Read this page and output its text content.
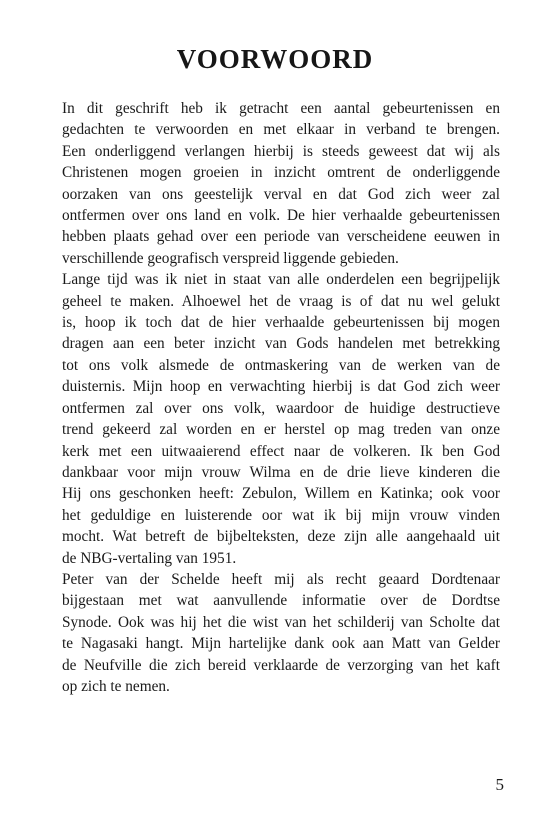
VOORWOORD

In dit geschrift heb ik getracht een aantal gebeurtenissen en
gedachten te verwoorden en met elkaar in verband te brengen.
Een onderliggend verlangen hierbij is steeds geweest dat wij als
Christenen mogen groeien in inzicht omtrent de onderliggende
oorzaken van ons geestelijk verval en dat God zich weer zal
ontfermen over ons land en volk. De hier verhaalde gebeurtenissen
hebben plaats gehad over een periode van verscheidene eeuwen in
verschillende geografisch verspreid liggende gebieden.

Lange tijd was ik niet in staat van alle onderdelen een begrijpelijk
geheel te maken. Alhoewel het de vraag is of dat nu wel gelukt
is, hoop ik toch dat de hier verhaalde gebeurtenissen bij mogen
dragen aan een beter inzicht van Gods handelen met betrekking
tot ons volk alsmede de ontmaskering van de werken van de
duisternis. Mijn hoop en verwachting hierbij is dat God zich weer
ontfermen zal over ons volk, waardoor de huidige destructieve
trend gekeerd zal worden en er herstel op mag treden van onze
kerk met een uitwaaierend effect naar de volkeren. Ik ben God
dankbaar voor mijn vrouw Wilma en de drie lieve kinderen die
Hij ons geschonken heeft: Zebulon, Willem en Katinka; ook voor
het geduldige en luisterende oor wat ik bij mijn vrouw vinden
mocht. Wat betreft de bijbelteksten, deze zijn alle aangehaald uit
de NBG-vertaling van 1951.

Peter van der Schelde heeft mij als recht geaard Dordtenaar
bijgestaan met wat aanvullende informatie over de Dordtse
Synode. Ook was hij het die wist van het schilderij van Scholte dat
te Nagasaki hangt. Mijn hartelijke dank ook aan Matt van Gelder
de Neufville die zich bereid verklaarde de verzorging van het kaft
op zich te nemen.

5
